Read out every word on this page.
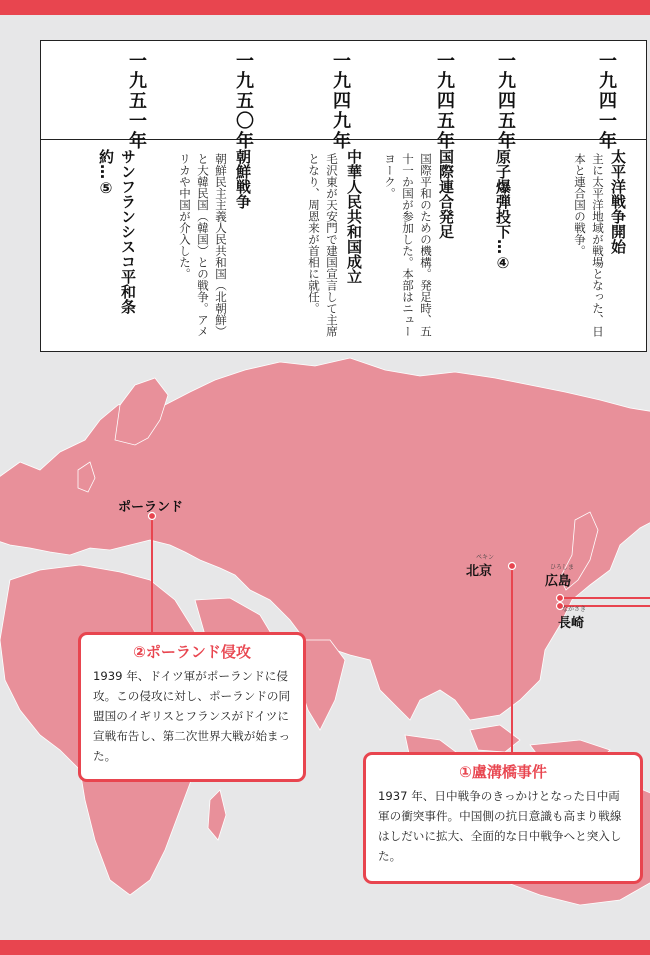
一九四一年
太平洋戦争開始
主に太平洋地域が戦場となった、日本と連合国の戦争。
一九四五年
原子爆弾投下…④
一九四五年
国際連合発足
国際平和のための機構。発足時、五十一か国が参加した。本部はニューヨーク。
一九四九年
中華人民共和国成立
毛沢東が天安門で建国宣言して主席となり、周恩来が首相に就任。
一九五〇年
朝鮮戦争
朝鮮民主主義人民共和国（北朝鮮）と大韓民国（韓国）との戦争。アメリカや中国が介入した。
一九五一年
サンフランシスコ平和条約…⑤
ポーランド
ペキン
北京	ひろしま
広島
ながさき
長崎
②ポーランド侵攻
1939 年、ドイツ軍がポーランドに侵攻。この侵攻に対し、ポーランドの同盟国のイギリスとフランスがドイツに宣戦布告し、第二次世界大戦が始まった。
①盧溝橋事件
1937 年、日中戦争のきっかけとなった日中両軍の衝突事件。中国側の抗日意識も高まり戦線はしだいに拡大、全面的な日中戦争へと突入した。
